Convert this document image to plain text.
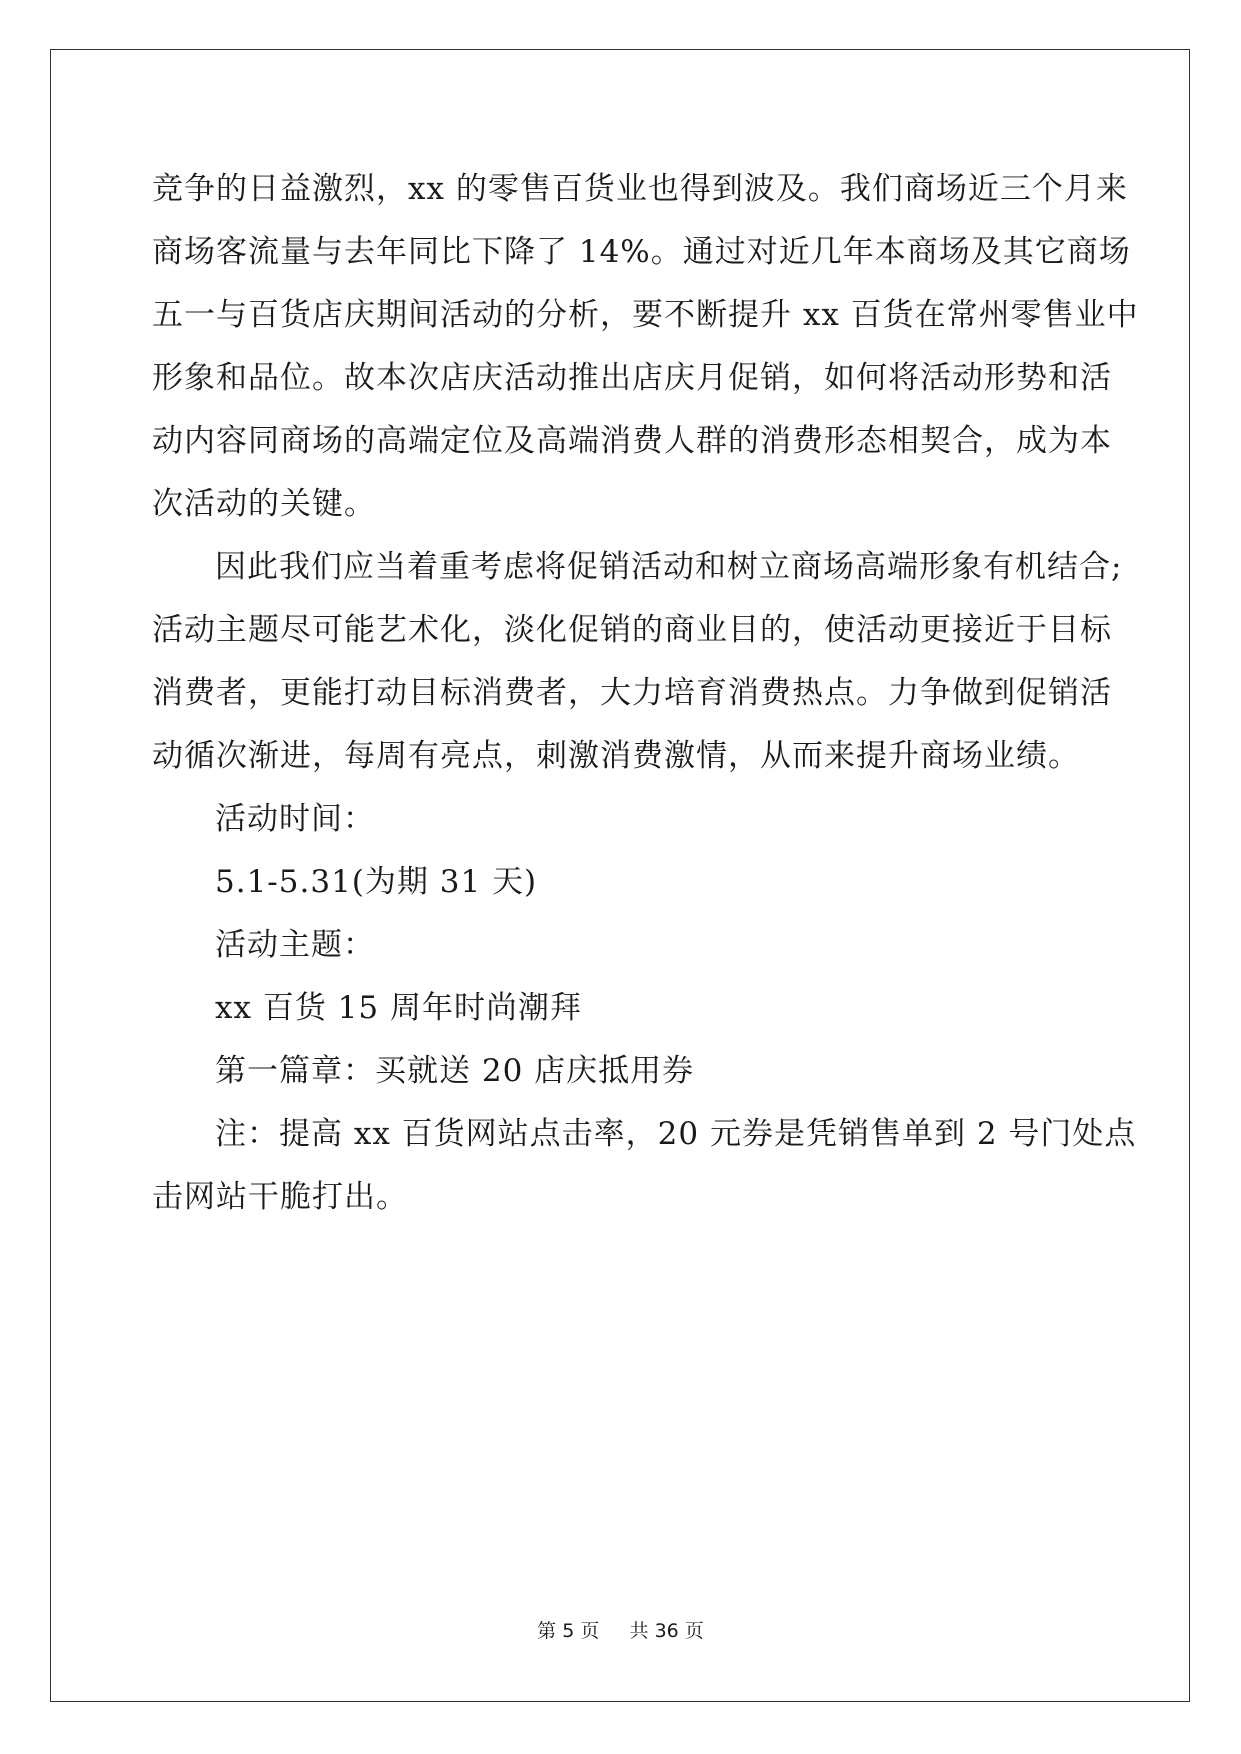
竞争的日益激烈，xx 的零售百货业也得到波及。我们商场近三个月来
商场客流量与去年同比下降了 14%。通过对近几年本商场及其它商场
五一与百货店庆期间活动的分析，要不断提升 xx 百货在常州零售业中
形象和品位。故本次店庆活动推出店庆月促销，如何将活动形势和活
动内容同商场的高端定位及高端消费人群的消费形态相契合，成为本
次活动的关键。
因此我们应当着重考虑将促销活动和树立商场高端形象有机结合;
活动主题尽可能艺术化，淡化促销的商业目的，使活动更接近于目标
消费者，更能打动目标消费者，大力培育消费热点。力争做到促销活
动循次渐进，每周有亮点，刺激消费激情，从而来提升商场业绩。
活动时间：
5.1-5.31(为期 31 天)
活动主题：
xx 百货 15 周年时尚潮拜
第一篇章：买就送 20 店庆抵用券
注：提高 xx 百货网站点击率，20 元券是凭销售单到 2 号门处点
击网站干脆打出。
第 5 页 共 36 页
